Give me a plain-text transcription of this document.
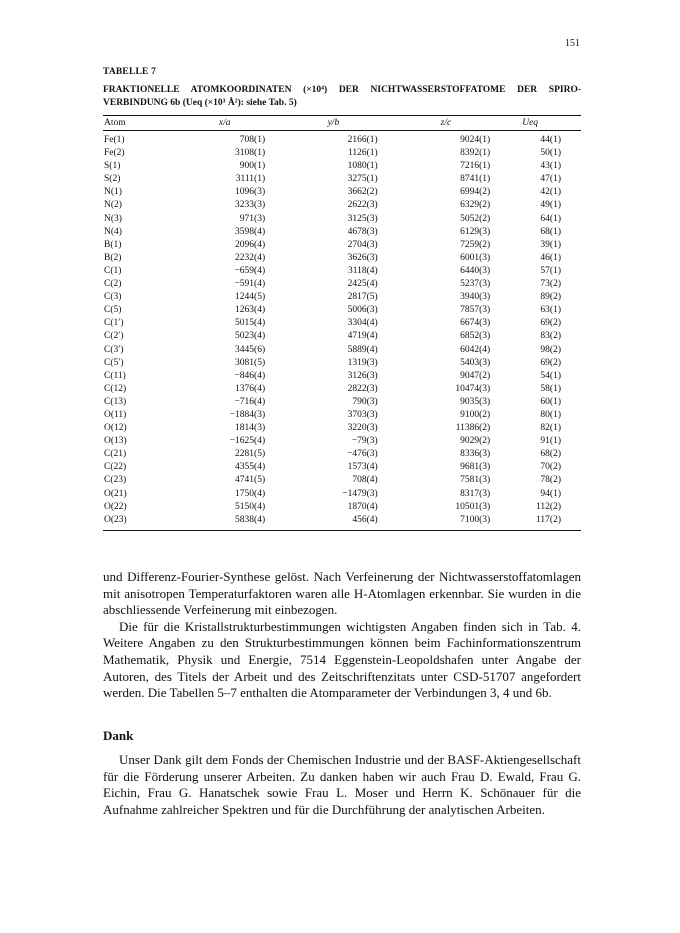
151
TABELLE 7
FRAKTIONELLE ATOMKOORDINATEN (×10⁴) DER NICHTWASSERSTOFFATOME DER SPIRO-VERBINDUNG 6b (Ueq (×10³ Å²): siehe Tab. 5)
Atom	x/a	y/b	z/c	Ueq

Fe(1)	708(1)	2166(1)	9024(1)	44(1)
Fe(2)	3108(1)	1126(1)	8392(1)	50(1)
S(1)	900(1)	1080(1)	7216(1)	43(1)
S(2)	3111(1)	3275(1)	8741(1)	47(1)
N(1)	1096(3)	3662(2)	6994(2)	42(1)
N(2)	3233(3)	2622(3)	6329(2)	49(1)
N(3)	971(3)	3125(3)	5052(2)	64(1)
N(4)	3598(4)	4678(3)	6129(3)	68(1)
B(1)	2096(4)	2704(3)	7259(2)	39(1)
B(2)	2232(4)	3626(3)	6001(3)	46(1)
C(1)	−659(4)	3118(4)	6440(3)	57(1)
C(2)	−591(4)	2425(4)	5237(3)	73(2)
C(3)	1244(5)	2817(5)	3940(3)	89(2)
C(5)	1263(4)	5006(3)	7857(3)	63(1)
C(1′)	5015(4)	3304(4)	6674(3)	69(2)
C(2′)	5023(4)	4719(4)	6852(3)	83(2)
C(3′)	3445(6)	5889(4)	6042(4)	98(2)
C(5′)	3081(5)	1319(3)	5403(3)	69(2)
C(11)	−846(4)	3126(3)	9047(2)	54(1)
C(12)	1376(4)	2822(3)	10474(3)	58(1)
C(13)	−716(4)	790(3)	9035(3)	60(1)
O(11)	−1884(3)	3703(3)	9100(2)	80(1)
O(12)	1814(3)	3220(3)	11386(2)	82(1)
O(13)	−1625(4)	−79(3)	9029(2)	91(1)
C(21)	2281(5)	−476(3)	8336(3)	68(2)
C(22)	4355(4)	1573(4)	9681(3)	70(2)
C(23)	4741(5)	708(4)	7581(3)	78(2)
O(21)	1750(4)	−1479(3)	8317(3)	94(1)
O(22)	5150(4)	1870(4)	10501(3)	112(2)
O(23)	5838(4)	456(4)	7100(3)	117(2)

und Differenz-Fourier-Synthese gelöst. Nach Verfeinerung der Nichtwasserstoffatomlagen mit anisotropen Temperaturfaktoren waren alle H-Atomlagen erkennbar. Sie wurden in die abschliessende Verfeinerung mit einbezogen.

Die für die Kristallstrukturbestimmungen wichtigsten Angaben finden sich in Tab. 4. Weitere Angaben zu den Strukturbestimmungen können beim Fachinformationszentrum Mathematik, Physik und Energie, 7514 Eggenstein-Leopoldshafen unter Angabe der Autoren, des Titels der Arbeit und des Zeitschriftenzitats unter CSD-51707 angefordert werden. Die Tabellen 5–7 enthalten die Atomparameter der Verbindungen 3, 4 und 6b.

Dank
Unser Dank gilt dem Fonds der Chemischen Industrie und der BASF-Aktiengesellschaft für die Förderung unserer Arbeiten. Zu danken haben wir auch Frau D. Ewald, Frau G. Eichin, Frau G. Hanatschek sowie Frau L. Moser und Herrn K. Schönauer für die Aufnahme zahlreicher Spektren und für die Durchführung der analytischen Arbeiten.
